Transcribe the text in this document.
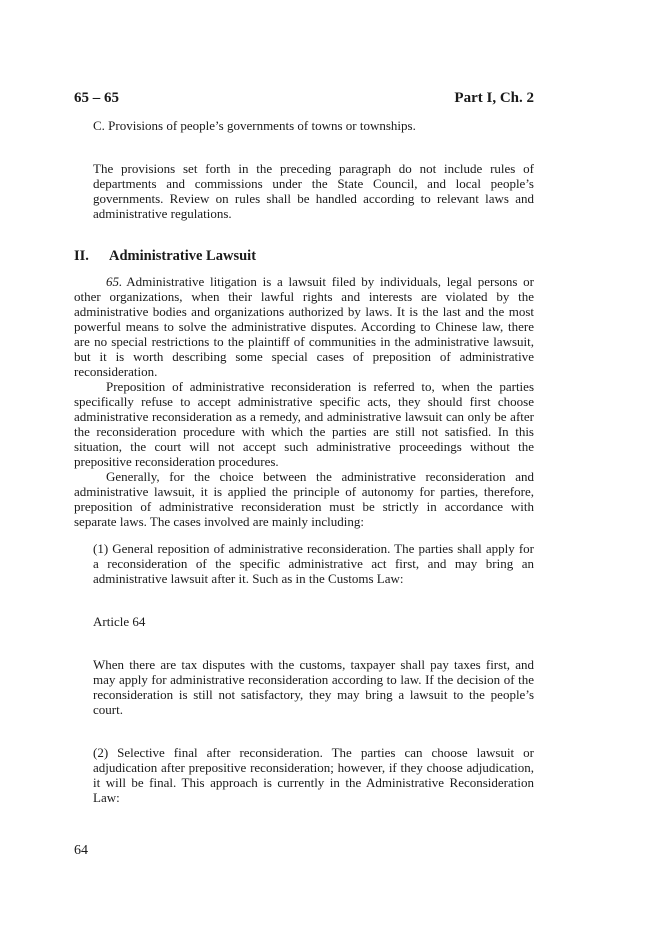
65 – 65	Part I, Ch. 2
C. Provisions of people’s governments of towns or townships.
The provisions set forth in the preceding paragraph do not include rules of departments and commissions under the State Council, and local people’s governments. Review on rules shall be handled according to relevant laws and administrative regulations.
II. Administrative Lawsuit

65. Administrative litigation is a lawsuit filed by individuals, legal persons or other organizations, when their lawful rights and interests are violated by the administrative bodies and organizations authorized by laws. It is the last and the most powerful means to solve the administrative disputes. According to Chinese law, there are no special restrictions to the plaintiff of communities in the administrative lawsuit, but it is worth describing some special cases of preposition of administrative reconsideration.

Preposition of administrative reconsideration is referred to, when the parties specifically refuse to accept administrative specific acts, they should first choose administrative reconsideration as a remedy, and administrative lawsuit can only be after the reconsideration procedure with which the parties are still not satisfied. In this situation, the court will not accept such administrative proceedings without the prepositive reconsideration procedures.

Generally, for the choice between the administrative reconsideration and administrative lawsuit, it is applied the principle of autonomy for parties, therefore, preposition of administrative reconsideration must be strictly in accordance with separate laws. The cases involved are mainly including:

(1) General reposition of administrative reconsideration. The parties shall apply for a reconsideration of the specific administrative act first, and may bring an administrative lawsuit after it. Such as in the Customs Law:
Article 64
When there are tax disputes with the customs, taxpayer shall pay taxes first, and may apply for administrative reconsideration according to law. If the decision of the reconsideration is still not satisfactory, they may bring a lawsuit to the people’s court.
(2) Selective final after reconsideration. The parties can choose lawsuit or adjudication after prepositive reconsideration; however, if they choose adjudication, it will be final. This approach is currently in the Administrative Reconsideration Law:
64
